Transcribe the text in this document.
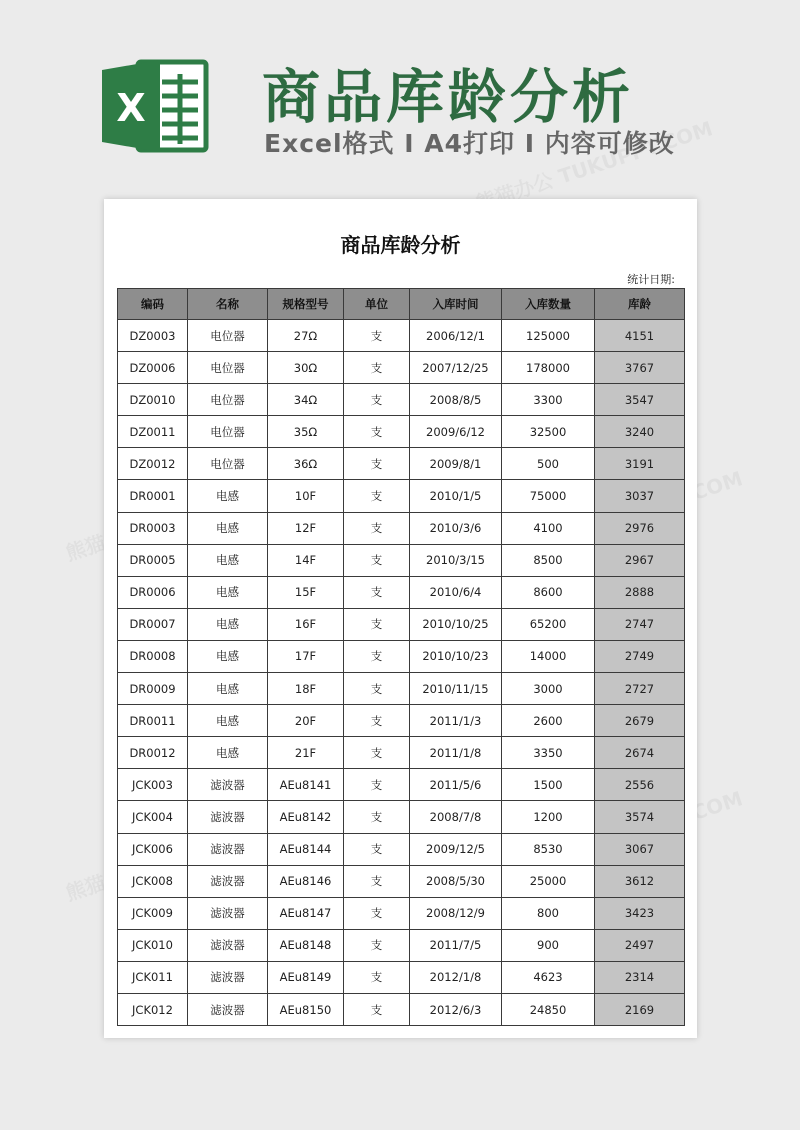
X 商品库龄分析
Excel格式 I A4打印 I 内容可修改
商品库龄分析
统计日期:
编码	名称	规格型号	单位	入库时间	入库数量	库龄
DZ0003	电位器	27Ω	支	2006/12/1	125000	4151
DZ0006	电位器	30Ω	支	2007/12/25	178000	3767
DZ0010	电位器	34Ω	支	2008/8/5	3300	3547
DZ0011	电位器	35Ω	支	2009/6/12	32500	3240
DZ0012	电位器	36Ω	支	2009/8/1	500	3191
DR0001	电感	10F	支	2010/1/5	75000	3037
DR0003	电感	12F	支	2010/3/6	4100	2976
DR0005	电感	14F	支	2010/3/15	8500	2967
DR0006	电感	15F	支	2010/6/4	8600	2888
DR0007	电感	16F	支	2010/10/25	65200	2747
DR0008	电感	17F	支	2010/10/23	14000	2749
DR0009	电感	18F	支	2010/11/15	3000	2727
DR0011	电感	20F	支	2011/1/3	2600	2679
DR0012	电感	21F	支	2011/1/8	3350	2674
JCK003	滤波器	AEu8141	支	2011/5/6	1500	2556
JCK004	滤波器	AEu8142	支	2008/7/8	1200	3574
JCK006	滤波器	AEu8144	支	2009/12/5	8530	3067
JCK008	滤波器	AEu8146	支	2008/5/30	25000	3612
JCK009	滤波器	AEu8147	支	2008/12/9	800	3423
JCK010	滤波器	AEu8148	支	2011/7/5	900	2497
JCK011	滤波器	AEu8149	支	2012/1/8	4623	2314
JCK012	滤波器	AEu8150	支	2012/6/3	24850	2169
